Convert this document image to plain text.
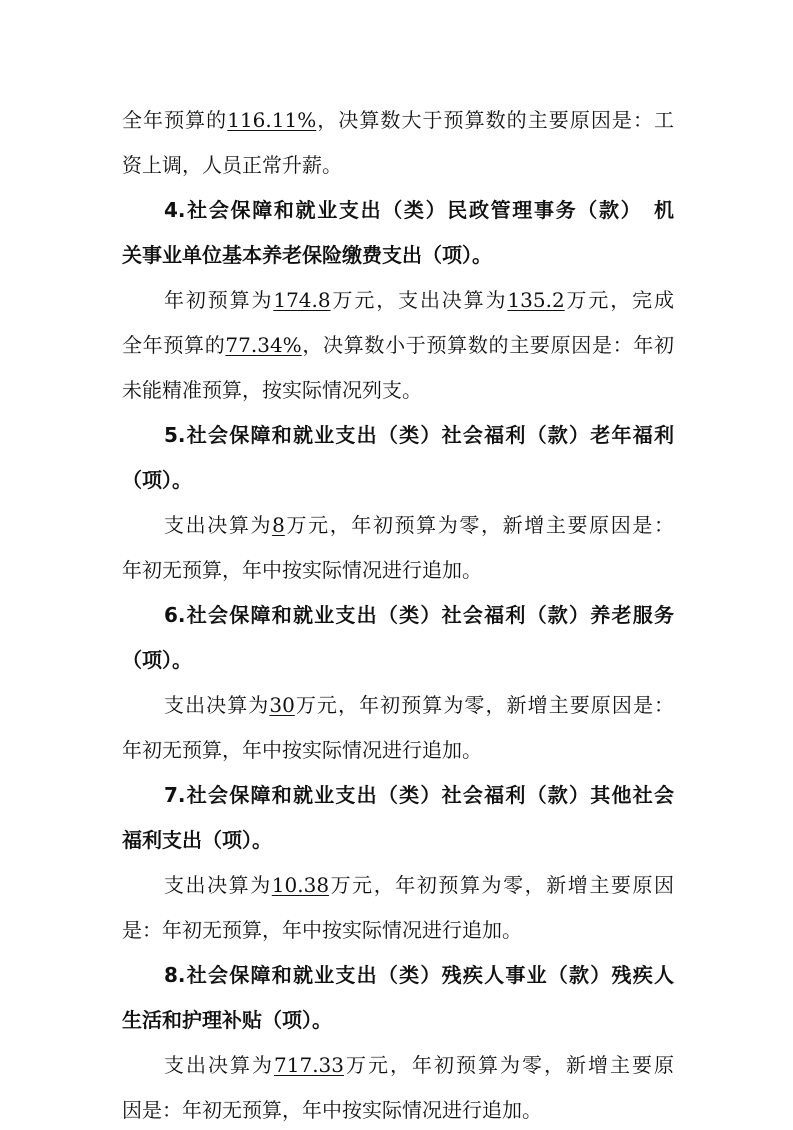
全年预算的116.11%，决算数大于预算数的主要原因是：工
资上调，人员正常升薪。
4.社会保障和就业支出（类）民政管理事务（款）　机
关事业单位基本养老保险缴费支出（项）。
年初预算为174.8万元，支出决算为135.2万元，完成
全年预算的77.34%，决算数小于预算数的主要原因是：年初
未能精准预算，按实际情况列支。
5.社会保障和就业支出（类）社会福利（款）老年福利
（项）。
支出决算为8万元，年初预算为零，新增主要原因是：
年初无预算，年中按实际情况进行追加。
6.社会保障和就业支出（类）社会福利（款）养老服务
（项）。
支出决算为30万元，年初预算为零，新增主要原因是：
年初无预算，年中按实际情况进行追加。
7.社会保障和就业支出（类）社会福利（款）其他社会
福利支出（项）。
支出决算为10.38万元，年初预算为零，新增主要原因
是：年初无预算，年中按实际情况进行追加。
8.社会保障和就业支出（类）残疾人事业（款）残疾人
生活和护理补贴（项）。
支出决算为717.33万元，年初预算为零，新增主要原
因是：年初无预算，年中按实际情况进行追加。
